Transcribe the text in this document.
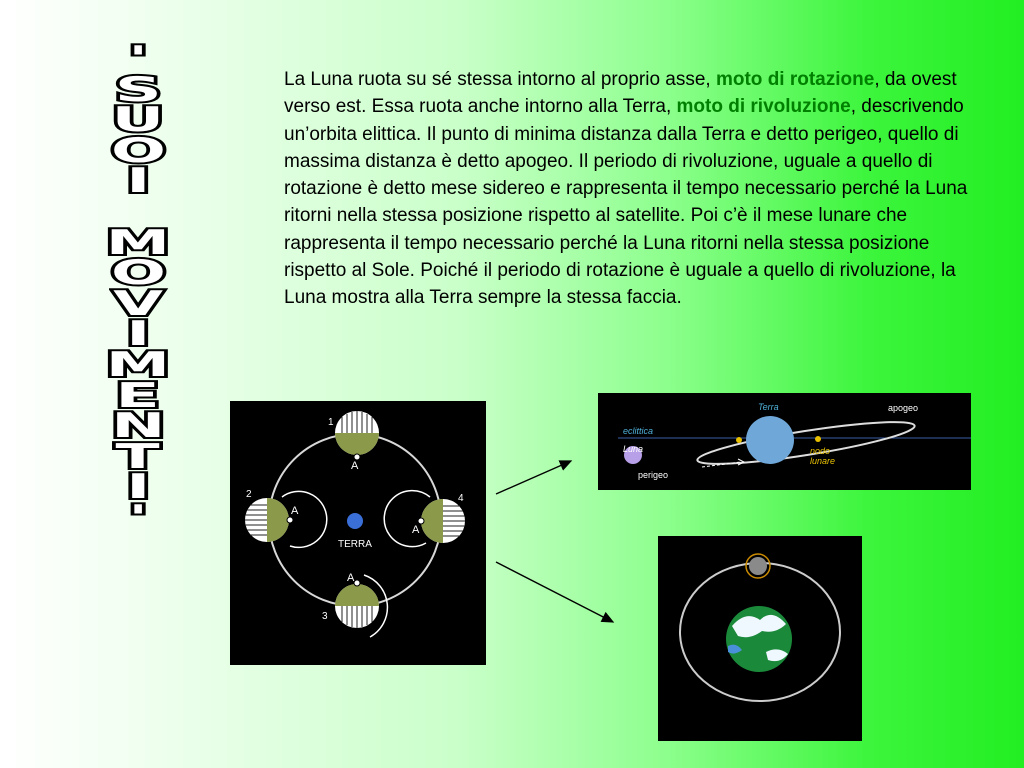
'
S
U
O
I
M
O
V
I
M
E
N
T
I
'
La Luna ruota su sé stessa intorno al proprio asse, moto di rotazione, da ovest verso est. Essa ruota anche intorno alla Terra, moto di rivoluzione, descrivendo un’orbita elittica. Il punto di minima distanza dalla Terra e detto perigeo, quello di massima distanza è detto apogeo. Il periodo di rivoluzione, uguale a quello di rotazione è detto mese sidereo e rappresenta il tempo necessario perché la Luna ritorni nella stessa posizione rispetto al satellite. Poi c’è il mese lunare che rappresenta il tempo necessario perché la Luna ritorni nella stessa posizione rispetto al Sole. Poiché il periodo di rotazione è uguale a quello di rivoluzione, la Luna mostra alla Terra sempre la stessa faccia.
TERRA
1
A
2
A
3
A
4
A
Terra	apogeo
eclittica
Luna
perigeo
nodo
lunare
